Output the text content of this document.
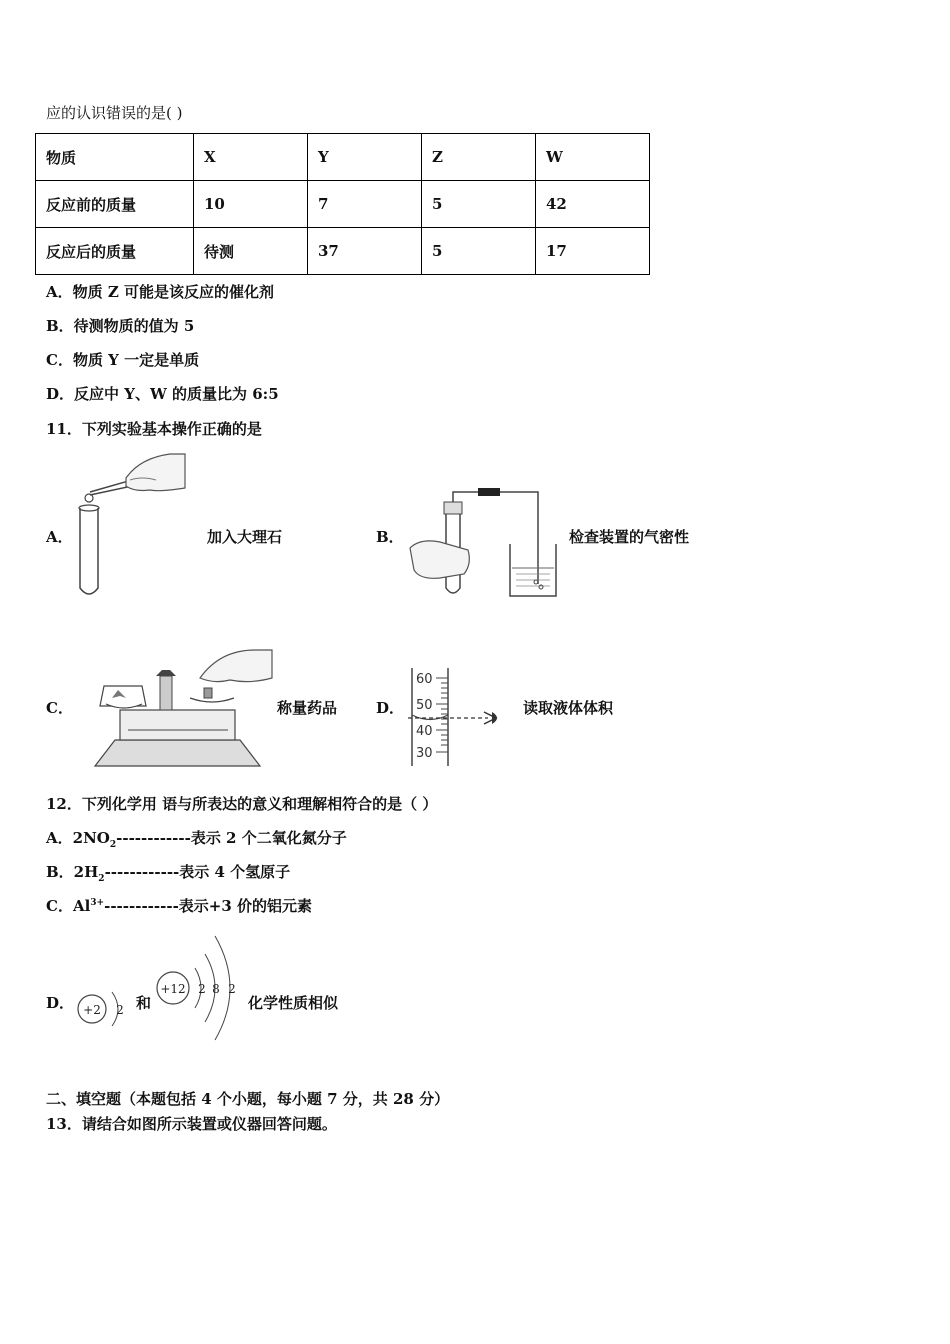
应的认识错误的是( )
物质	X	Y	Z	W
反应前的质量	10	7	5	42
反应后的质量	待测	37	5	17
A．物质 Z 可能是该反应的催化剂
B．待测物质的值为 5
C．物质 Y 一定是单质
D．反应中 Y、W 的质量比为 6:5
11．下列实验基本操作正确的是
A．	加入大理石	B．	检查装置的气密性
C．	称量药品	D．
60
50
40
30
读取液体体积
12．下列化学用 语与所表达的意义和理解相符合的是（ ）
A．$2NO_2------------$表示 2 个二氧化氮分子
B．$2H_2------------$表示 4 个氢原子
C．$Al^{3+}------------$表示+3 价的铝元素
D． +2 2 和
+12 2 8 2
化学性质相似
二、填空题（本题包括 4 个小题，每小题 7 分，共 28 分）
13．请结合如图所示装置或仪器回答问题。
